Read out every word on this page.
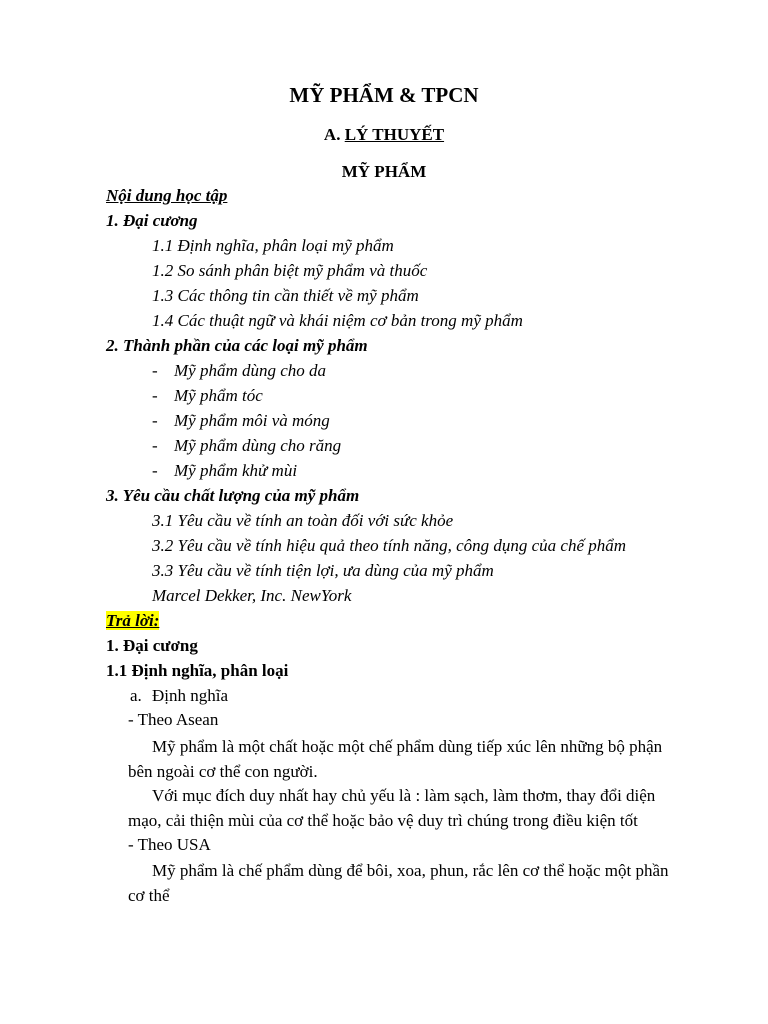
MỸ PHẨM & TPCN
A. LÝ THUYẾT
MỸ PHẨM
Nội dung học tập
1. Đại cương
1.1 Định nghĩa, phân loại mỹ phẩm
1.2 So sánh phân biệt mỹ phẩm và thuốc
1.3 Các thông tin cần thiết về mỹ phẩm
1.4 Các thuật ngữ và khái niệm cơ bản trong mỹ phẩm
2. Thành phần của các loại mỹ phẩm
- Mỹ phẩm dùng cho da
- Mỹ phẩm tóc
- Mỹ phẩm môi và móng
- Mỹ phẩm dùng cho răng
- Mỹ phẩm khử mùi
3. Yêu cầu chất lượng của mỹ phẩm
3.1 Yêu cầu về tính an toàn đối với sức khỏe
3.2 Yêu cầu về tính hiệu quả theo tính năng, công dụng của chế phẩm
3.3 Yêu cầu về tính tiện lợi, ưa dùng của mỹ phẩm
Marcel Dekker, Inc. NewYork
Trả lời:
1. Đại cương
1.1 Định nghĩa, phân loại
a. Định nghĩa
- Theo Asean
Mỹ phẩm là một chất hoặc một chế phẩm dùng tiếp xúc lên những bộ phận
bên ngoài cơ thể con người.
Với mục đích duy nhất hay chủ yếu là : làm sạch, làm thơm, thay đổi diện
mạo, cải thiện mùi của cơ thể hoặc bảo vệ duy trì chúng trong điều kiện tốt
- Theo USA
Mỹ phẩm là chế phẩm dùng để bôi, xoa, phun, rắc lên cơ thể hoặc một phần
cơ thể
